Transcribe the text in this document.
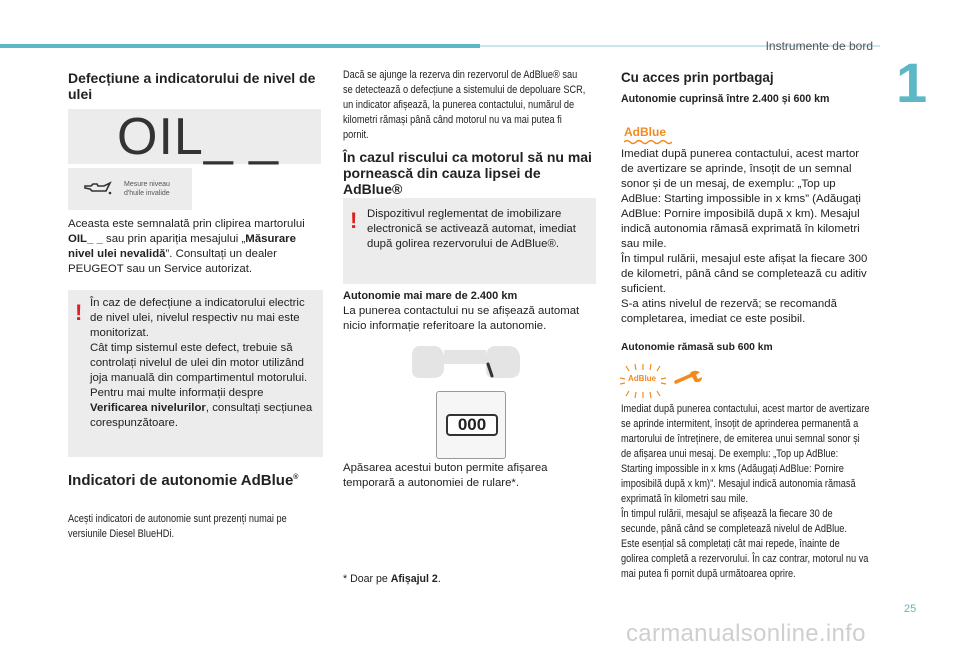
Instrumente de bord
1
Defecțiune a indicatorului de nivel de ulei
OIL_ _
Mesure niveau
d'huile invalide
Aceasta este semnalată prin clipirea martorului OIL_ _ sau prin apariția mesajului „Măsurare nivel ulei nevalidă”. Consultați un dealer PEUGEOT sau un Service autorizat.
! În caz de defecțiune a indicatorului electric de nivel ulei, nivelul respectiv nu mai este monitorizat.
Cât timp sistemul este defect, trebuie să controlați nivelul de ulei din motor utilizând joja manuală din compartimentul motorului.
Pentru mai multe informații despre Verificarea nivelurilor, consultați secțiunea corespunzătoare.
Indicatori de autonomie AdBlue®
Acești indicatori de autonomie sunt prezenți numai pe versiunile Diesel BlueHDi.
Dacă se ajunge la rezerva din rezervorul de AdBlue® sau se detectează o defecțiune a sistemului de depoluare SCR, un indicator afișează, la punerea contactului, numărul de kilometri rămași până când motorul nu va mai putea fi pornit.
În cazul riscului ca motorul să nu mai pornească din cauza lipsei de AdBlue®
! Dispozitivul reglementat de imobilizare electronică se activează automat, imediat după golirea rezervorului de AdBlue®.
Autonomie mai mare de 2.400 km
La punerea contactului nu se afișează automat nicio informație referitoare la autonomie.
000
Apăsarea acestui buton permite afișarea temporară a autonomiei de rulare*.
* Doar pe Afișajul 2.
Cu acces prin portbagaj
Autonomie cuprinsă între 2.400 și 600 km
AdBlue
Imediat după punerea contactului, acest martor de avertizare se aprinde, însoțit de un semnal sonor și de un mesaj, de exemplu: „Top up AdBlue: Starting impossible in x kms” (Adăugați AdBlue: Pornire imposibilă după x km). Mesajul indică autonomia rămasă exprimată în kilometri sau mile.
În timpul rulării, mesajul este afișat la fiecare 300 de kilometri, până când se completează cu aditiv suficient.
S-a atins nivelul de rezervă; se recomandă completarea, imediat ce este posibil.
Autonomie rămasă sub 600 km
AdBlue
Imediat după punerea contactului, acest martor de avertizare se aprinde intermitent, însoțit de aprinderea permanentă a martorului de întreținere, de emiterea unui semnal sonor și de afișarea unui mesaj. De exemplu: „Top up AdBlue: Starting impossible in x kms (Adăugați AdBlue: Pornire imposibilă după x km)”. Mesajul indică autonomia rămasă exprimată în kilometri sau mile.
În timpul rulării, mesajul se afișează la fiecare 30 de secunde, până când se completează nivelul de AdBlue.
Este esențial să completați cât mai repede, înainte de golirea completă a rezervorului. În caz contrar, motorul nu va mai putea fi pornit după următoarea oprire.
25
carmanualsonline.info
